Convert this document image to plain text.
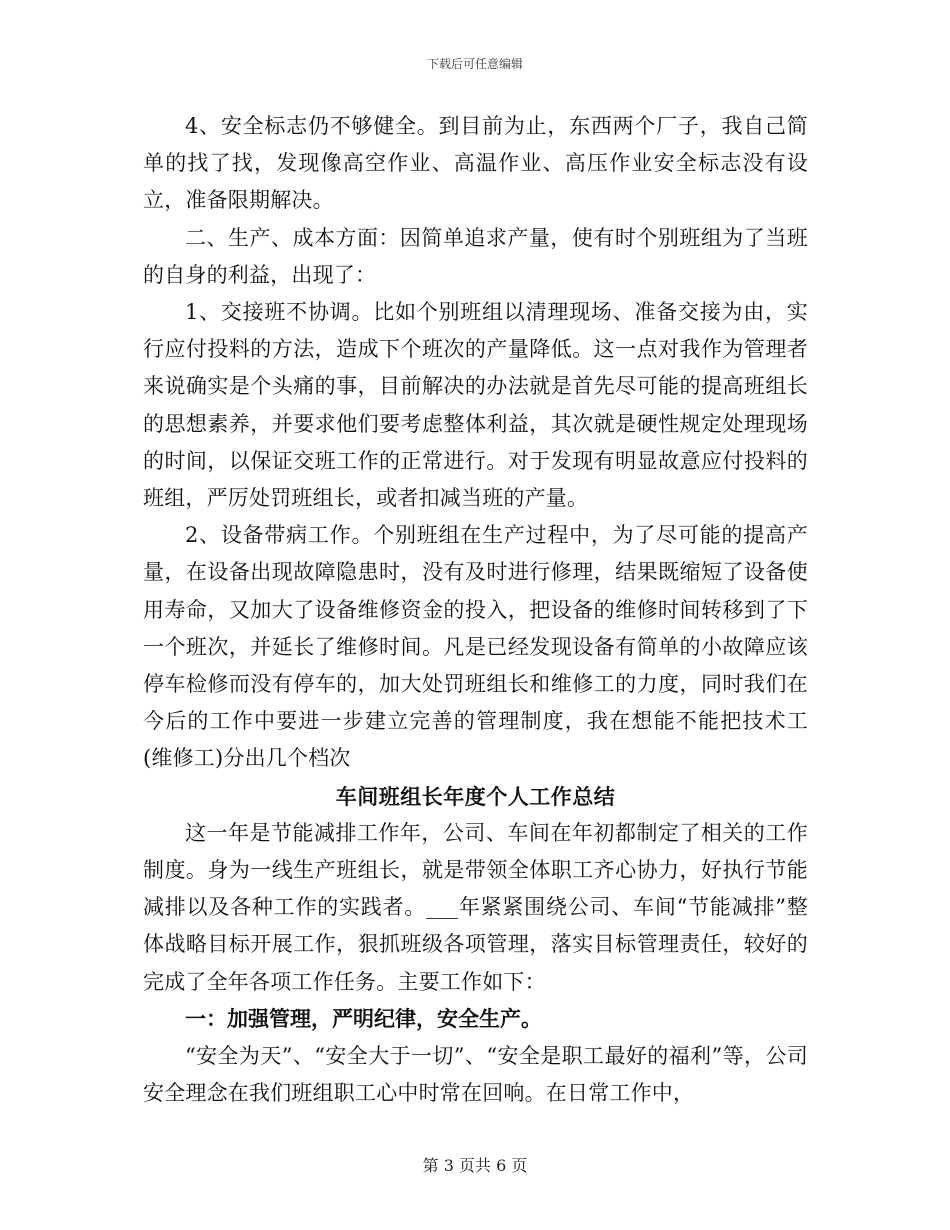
下载后可任意编辑

4、安全标志仍不够健全。到目前为止，东西两个厂子，我自己简单的找了找，发现像高空作业、高温作业、高压作业安全标志没有设立，准备限期解决。

二、生产、成本方面：因简单追求产量，使有时个别班组为了当班的自身的利益，出现了：

1、交接班不协调。比如个别班组以清理现场、准备交接为由，实行应付投料的方法，造成下个班次的产量降低。这一点对我作为管理者来说确实是个头痛的事，目前解决的办法就是首先尽可能的提高班组长的思想素养，并要求他们要考虑整体利益，其次就是硬性规定处理现场的时间，以保证交班工作的正常进行。对于发现有明显故意应付投料的班组，严厉处罚班组长，或者扣减当班的产量。

2、设备带病工作。个别班组在生产过程中，为了尽可能的提高产量，在设备出现故障隐患时，没有及时进行修理，结果既缩短了设备使用寿命，又加大了设备维修资金的投入，把设备的维修时间转移到了下一个班次，并延长了维修时间。凡是已经发现设备有简单的小故障应该停车检修而没有停车的，加大处罚班组长和维修工的力度，同时我们在今后的工作中要进一步建立完善的管理制度，我在想能不能把技术工(维修工)分出几个档次

车间班组长年度个人工作总结

这一年是节能减排工作年，公司、车间在年初都制定了相关的工作制度。身为一线生产班组长，就是带领全体职工齐心协力，好执行节能减排以及各种工作的实践者。___年紧紧围绕公司、车间“节能减排”整体战略目标开展工作，狠抓班级各项管理，落实目标管理责任，较好的完成了全年各项工作任务。主要工作如下：

一：加强管理，严明纪律，安全生产。

“安全为天”、“安全大于一切”、“安全是职工最好的福利”等，公司安全理念在我们班组职工心中时常在回响。在日常工作中，

第 3 页共 6 页
